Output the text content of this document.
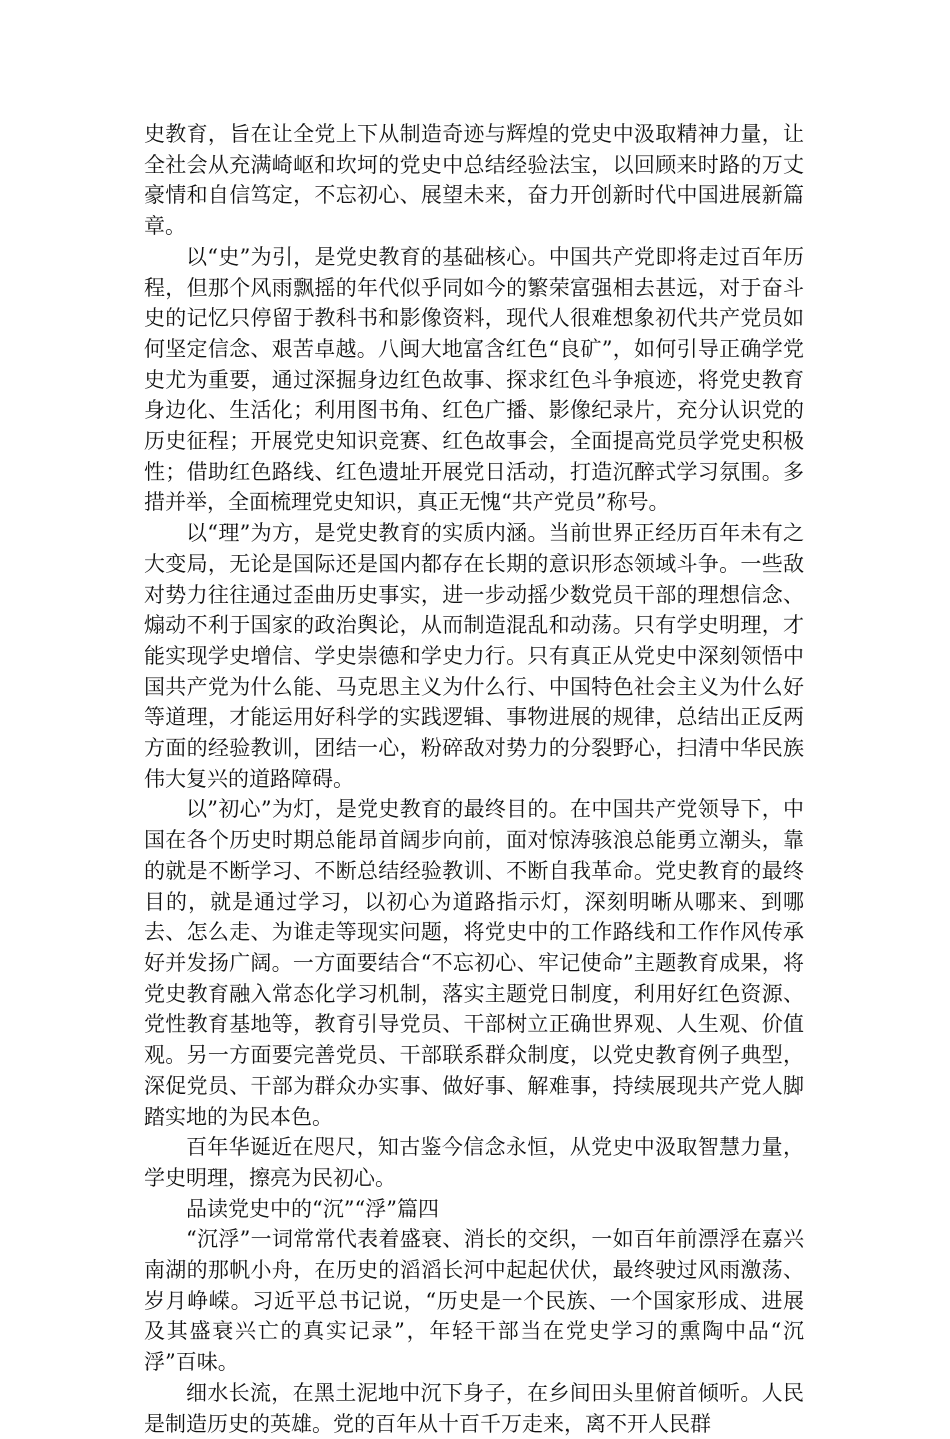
史教育，旨在让全党上下从制造奇迹与辉煌的党史中汲取精神力量，让全社会从充满崎岖和坎坷的党史中总结经验法宝，以回顾来时路的万丈豪情和自信笃定，不忘初心、展望未来，奋力开创新时代中国进展新篇章。

以“史”为引，是党史教育的基础核心。中国共产党即将走过百年历程，但那个风雨飘摇的年代似乎同如今的繁荣富强相去甚远，对于奋斗史的记忆只停留于教科书和影像资料，现代人很难想象初代共产党员如何坚定信念、艰苦卓越。八闽大地富含红色“良矿”，如何引导正确学党史尤为重要，通过深掘身边红色故事、探求红色斗争痕迹，将党史教育身边化、生活化；利用图书角、红色广播、影像纪录片，充分认识党的历史征程；开展党史知识竞赛、红色故事会，全面提高党员学党史积极性；借助红色路线、红色遗址开展党日活动，打造沉醉式学习氛围。多措并举，全面梳理党史知识，真正无愧“共产党员”称号。

以“理”为方，是党史教育的实质内涵。当前世界正经历百年未有之大变局，无论是国际还是国内都存在长期的意识形态领域斗争。一些敌对势力往往通过歪曲历史事实，进一步动摇少数党员干部的理想信念、煽动不利于国家的政治舆论，从而制造混乱和动荡。只有学史明理，才能实现学史增信、学史崇德和学史力行。只有真正从党史中深刻领悟中国共产党为什么能、马克思主义为什么行、中国特色社会主义为什么好等道理，才能运用好科学的实践逻辑、事物进展的规律，总结出正反两方面的经验教训，团结一心，粉碎敌对势力的分裂野心，扫清中华民族伟大复兴的道路障碍。

以”初心”为灯，是党史教育的最终目的。在中国共产党领导下，中国在各个历史时期总能昂首阔步向前，面对惊涛骇浪总能勇立潮头，靠的就是不断学习、不断总结经验教训、不断自我革命。党史教育的最终目的，就是通过学习，以初心为道路指示灯，深刻明晰从哪来、到哪去、怎么走、为谁走等现实问题，将党史中的工作路线和工作作风传承好并发扬广阔。一方面要结合“不忘初心、牢记使命”主题教育成果，将党史教育融入常态化学习机制，落实主题党日制度，利用好红色资源、党性教育基地等，教育引导党员、干部树立正确世界观、人生观、价值观。另一方面要完善党员、干部联系群众制度，以党史教育例子典型，深促党员、干部为群众办实事、做好事、解难事，持续展现共产党人脚踏实地的为民本色。

百年华诞近在咫尺，知古鉴今信念永恒，从党史中汲取智慧力量，学史明理，擦亮为民初心。

品读党史中的“沉”“浮”篇四

“沉浮”一词常常代表着盛衰、消长的交织，一如百年前漂浮在嘉兴南湖的那帆小舟，在历史的滔滔长河中起起伏伏，最终驶过风雨激荡、岁月峥嵘。习近平总书记说，“历史是一个民族、一个国家形成、进展及其盛衰兴亡的真实记录”，年轻干部当在党史学习的熏陶中品“沉浮”百味。

细水长流，在黑土泥地中沉下身子，在乡间田头里俯首倾听。人民是制造历史的英雄。党的百年从十百千万走来，离不开人民群
